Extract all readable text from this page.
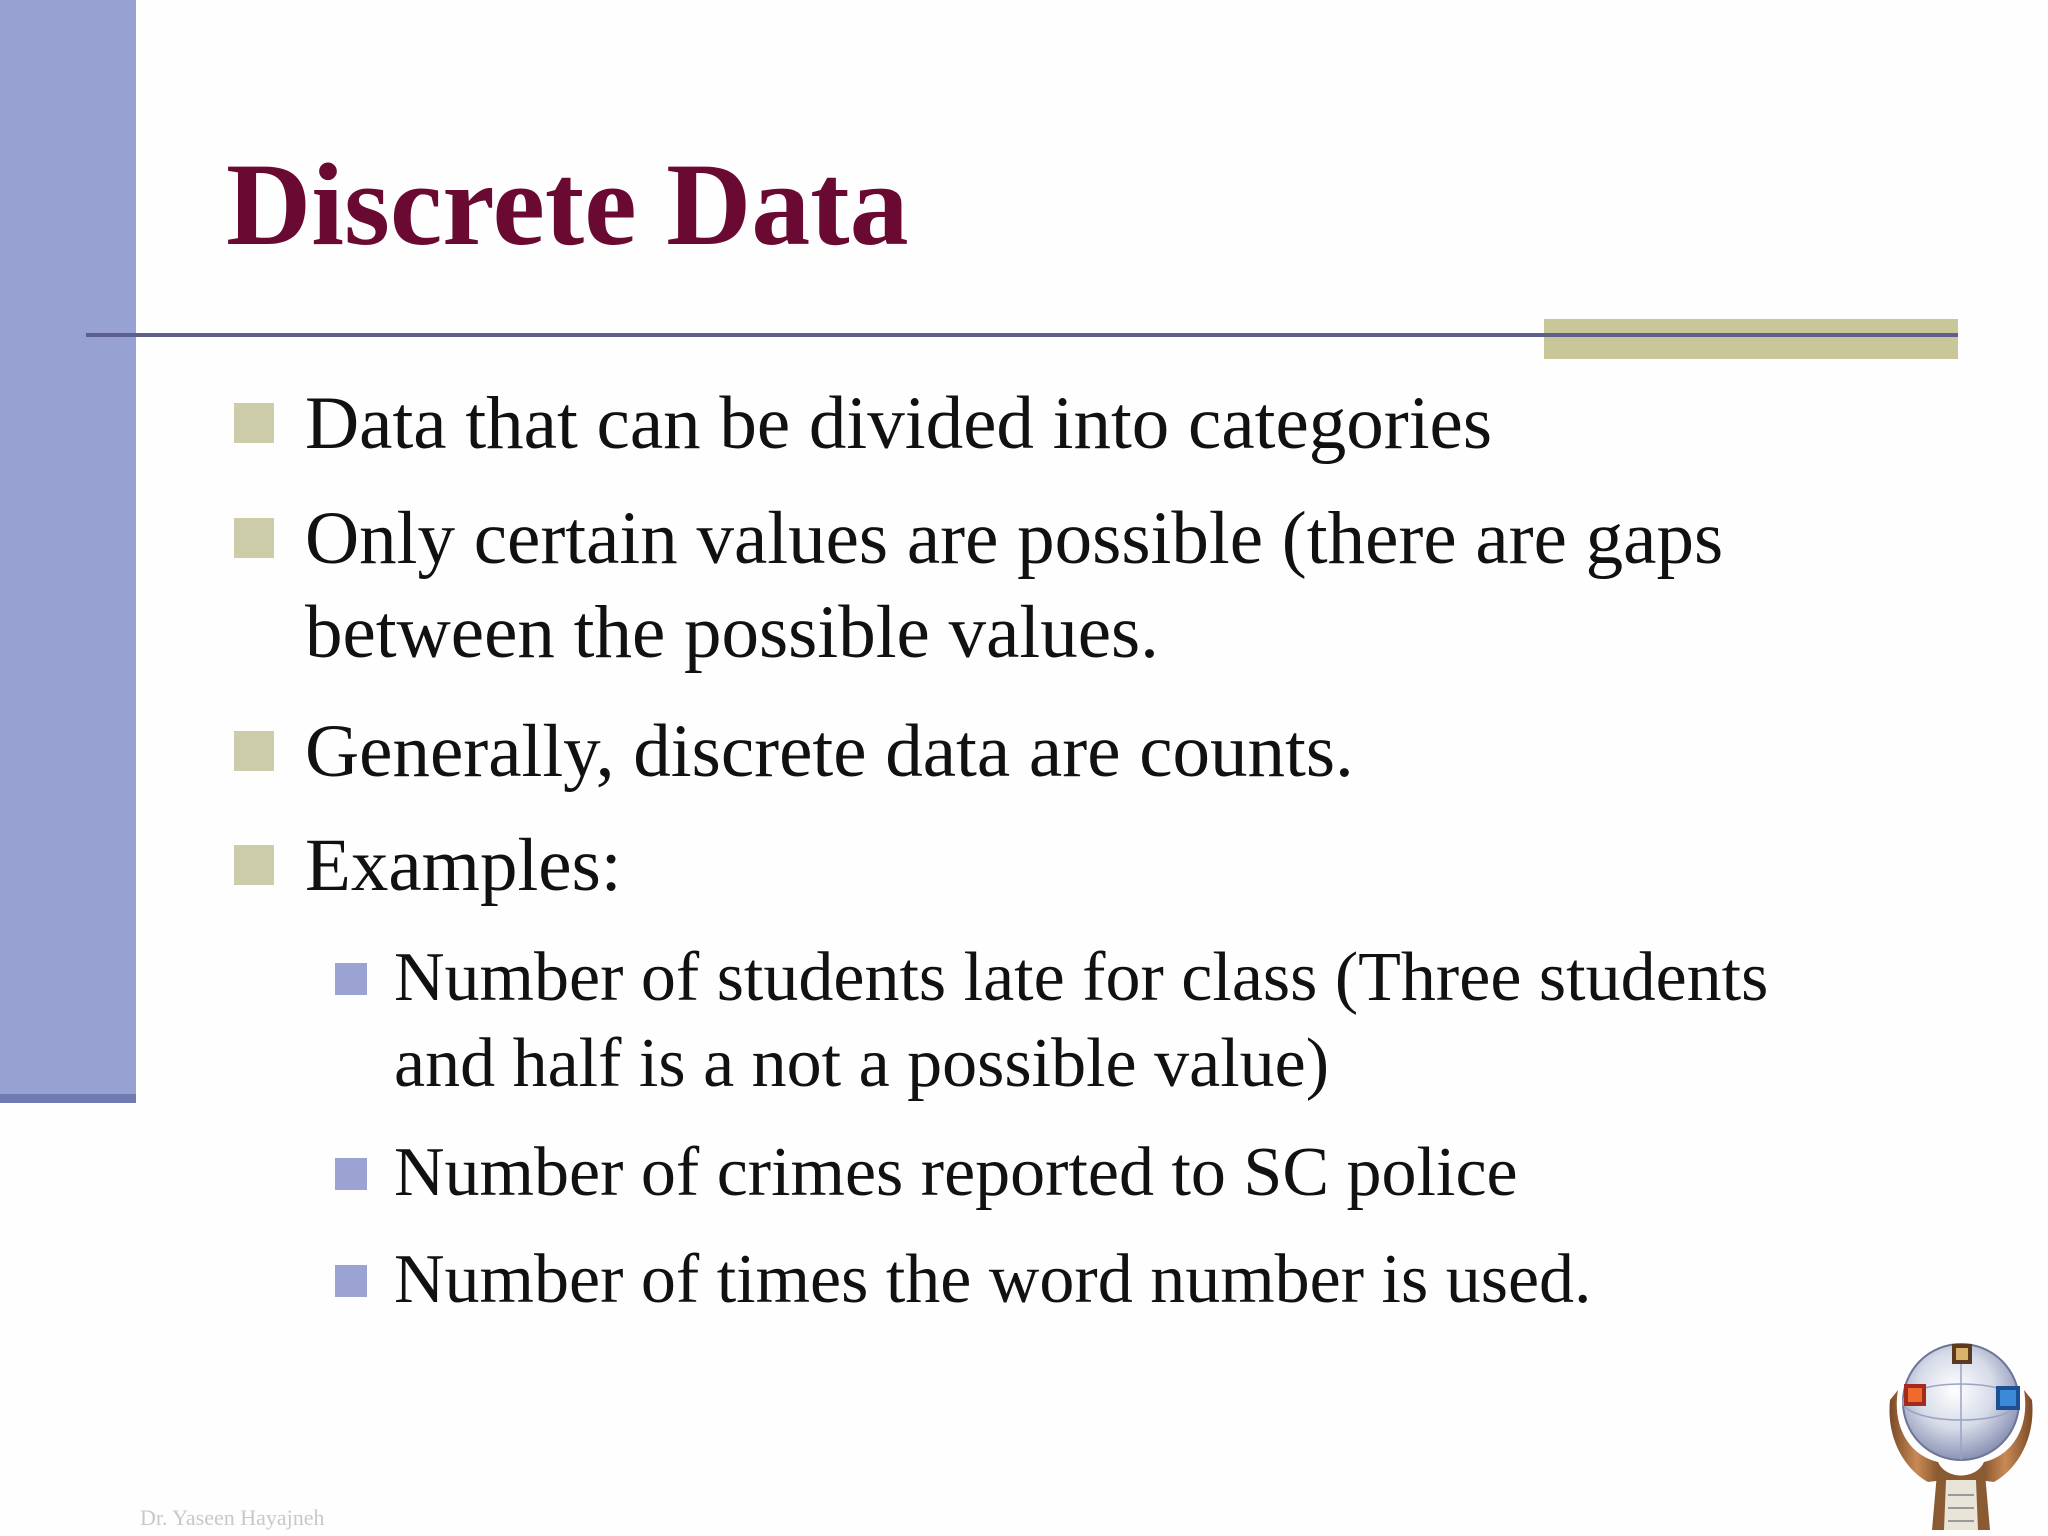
Discrete Data
Data that can be divided into categories
Only certain values are possible (there are gaps
between the possible values.
Generally, discrete data are counts.
Examples:
Number of students late for class (Three students
and half is a not a possible value)
Number of crimes reported to SC police
Number of times the word number is used.
Dr. Yaseen Hayajneh
